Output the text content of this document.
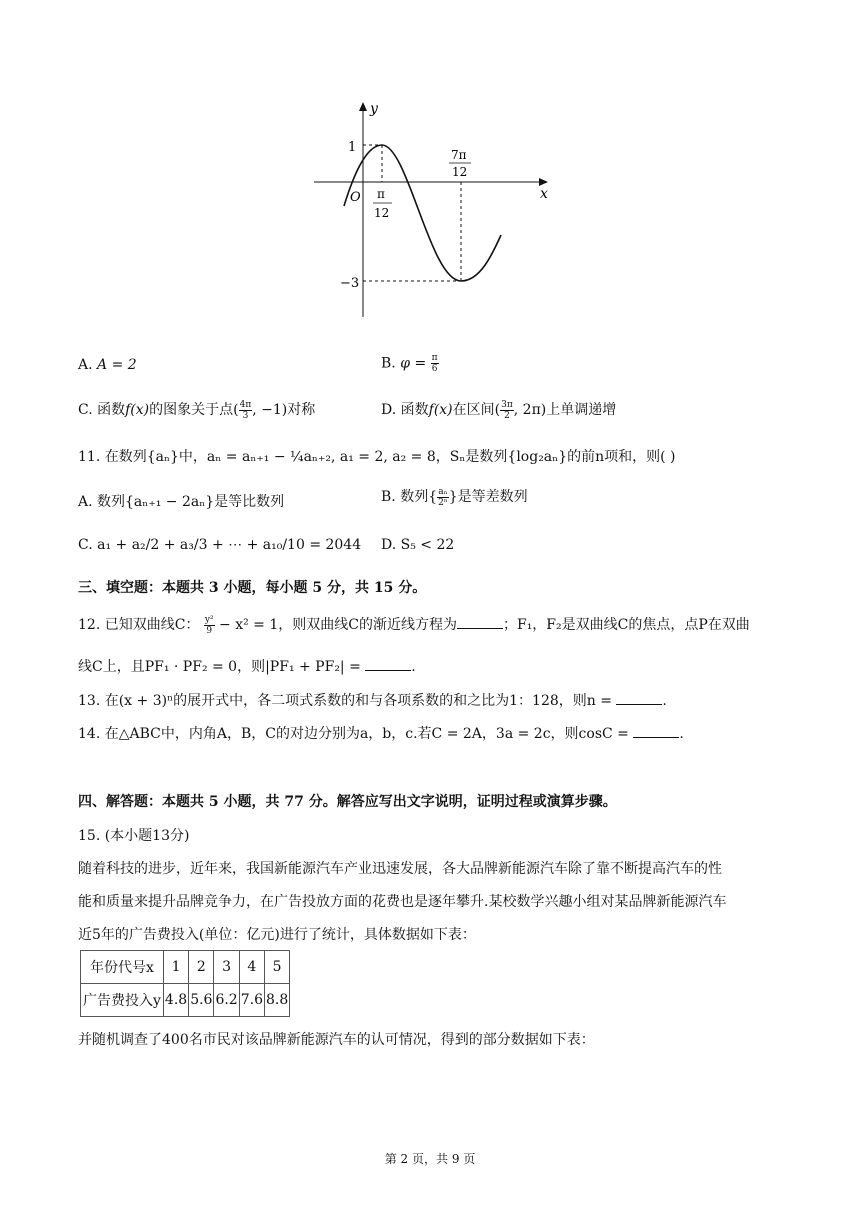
y
x
O
1
−3
π
12
7π
12
A. A = 2	B. $\varphi = \frac{\pi}{6}$
C. 函数f(x)的图象关于点( $\frac{4\pi}{3}$ , −1)对称	D. 函数f(x)在区间( $\frac{3\pi}{2}$ , 2π)上单调递增
11. 在数列{aₙ}中，aₙ = aₙ₊₁ − ¼aₙ₊₂, a₁ = 2, a₂ = 8，Sₙ是数列{log₂aₙ}的前n项和，则( )
A. 数列{aₙ₊₁ − 2aₙ}是等比数列	B. 数列{ $\frac{\text{aₙ}}{\text{2ⁿ}}$ }是等差数列
C. a₁ + a₂/2 + a₃/3 + ⋯ + a₁₀/10 = 2044 D. S₅ < 22
三、填空题：本题共 3 小题，每小题 5 分，共 15 分。
12. 已知双曲线C： $\frac{\text{y²}}{9} - x^2 = 1$，则双曲线C的渐近线方程为	；F₁，F₂是双曲线C的焦点，点P在双曲
线C上，且PF₁ · PF₂ = 0，则|PF₁ + PF₂| =	.
13. 在(x + 3)ⁿ的展开式中，各二项式系数的和与各项系数的和之比为1：128，则n =	.
14. 在△ABC中，内角A，B，C的对边分别为a，b，c.若C = 2A，3a = 2c，则cosC =	.
四、解答题：本题共 5 小题，共 77 分。解答应写出文字说明，证明过程或演算步骤。
15. (本小题13分)
随着科技的进步，近年来，我国新能源汽车产业迅速发展，各大品牌新能源汽车除了靠不断提高汽车的性
能和质量来提升品牌竞争力，在广告投放方面的花费也是逐年攀升.某校数学兴趣小组对某品牌新能源汽车
近5年的广告费投入(单位：亿元)进行了统计，具体数据如下表：
年份代号x	1	2	3	4	5
广告费投入y	4.8	5.6	6.2	7.6	8.8
并随机调查了400名市民对该品牌新能源汽车的认可情况，得到的部分数据如下表：
第 2 页，共 9 页
